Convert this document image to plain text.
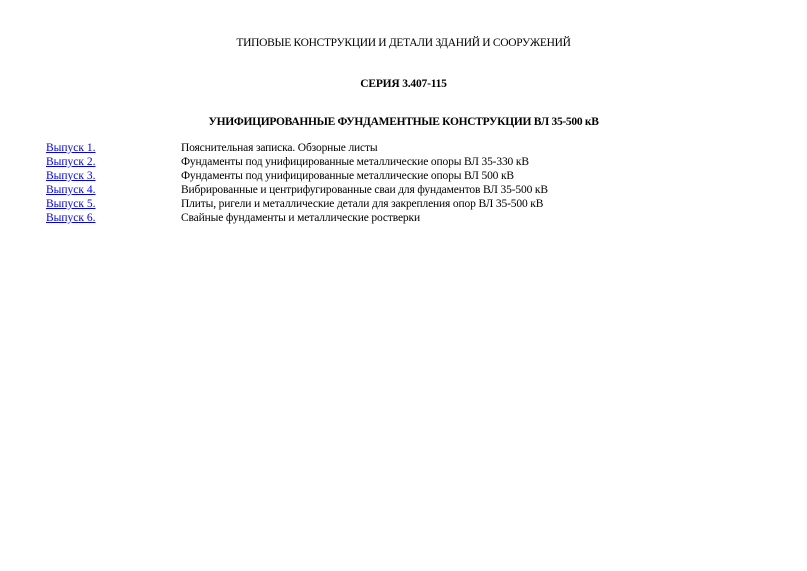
ТИПОВЫЕ КОНСТРУКЦИИ И ДЕТАЛИ ЗДАНИЙ И СООРУЖЕНИЙ
СЕРИЯ 3.407-115
УНИФИЦИРОВАННЫЕ ФУНДАМЕНТНЫЕ КОНСТРУКЦИИ ВЛ 35-500 кВ
Выпуск 1.	Пояснительная записка. Обзорные листы
Выпуск 2.	Фундаменты под унифицированные металлические опоры ВЛ 35-330 кВ
Выпуск 3.	Фундаменты под унифицированные металлические опоры ВЛ 500 кВ
Выпуск 4.	Вибрированные и центрифугированные сваи для фундаментов ВЛ 35-500 кВ
Выпуск 5.	Плиты, ригели и металлические детали для закрепления опор ВЛ 35-500 кВ
Выпуск 6.	Свайные фундаменты и металлические ростверки
